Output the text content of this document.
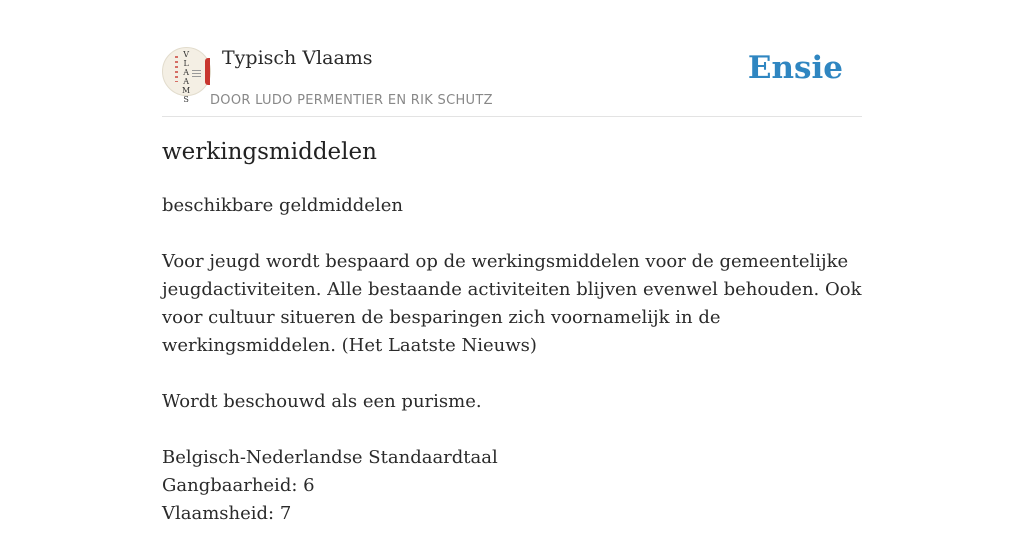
V
L
A
A
M
S
Typisch Vlaams
DOOR LUDO PERMENTIER EN RIK SCHUTZ
Ensie
werkingsmiddelen

beschikbare geldmiddelen

Voor jeugd wordt bespaard op de werkingsmiddelen voor de gemeentelijke jeugdactiviteiten. Alle bestaande activiteiten blijven evenwel behouden. Ook voor cultuur situeren de besparingen zich voornamelijk in de werkingsmiddelen. (Het Laatste Nieuws)

Wordt beschouwd als een purisme.

Belgisch-Nederlandse Standaardtaal
Gangbaarheid: 6
Vlaamsheid: 7
